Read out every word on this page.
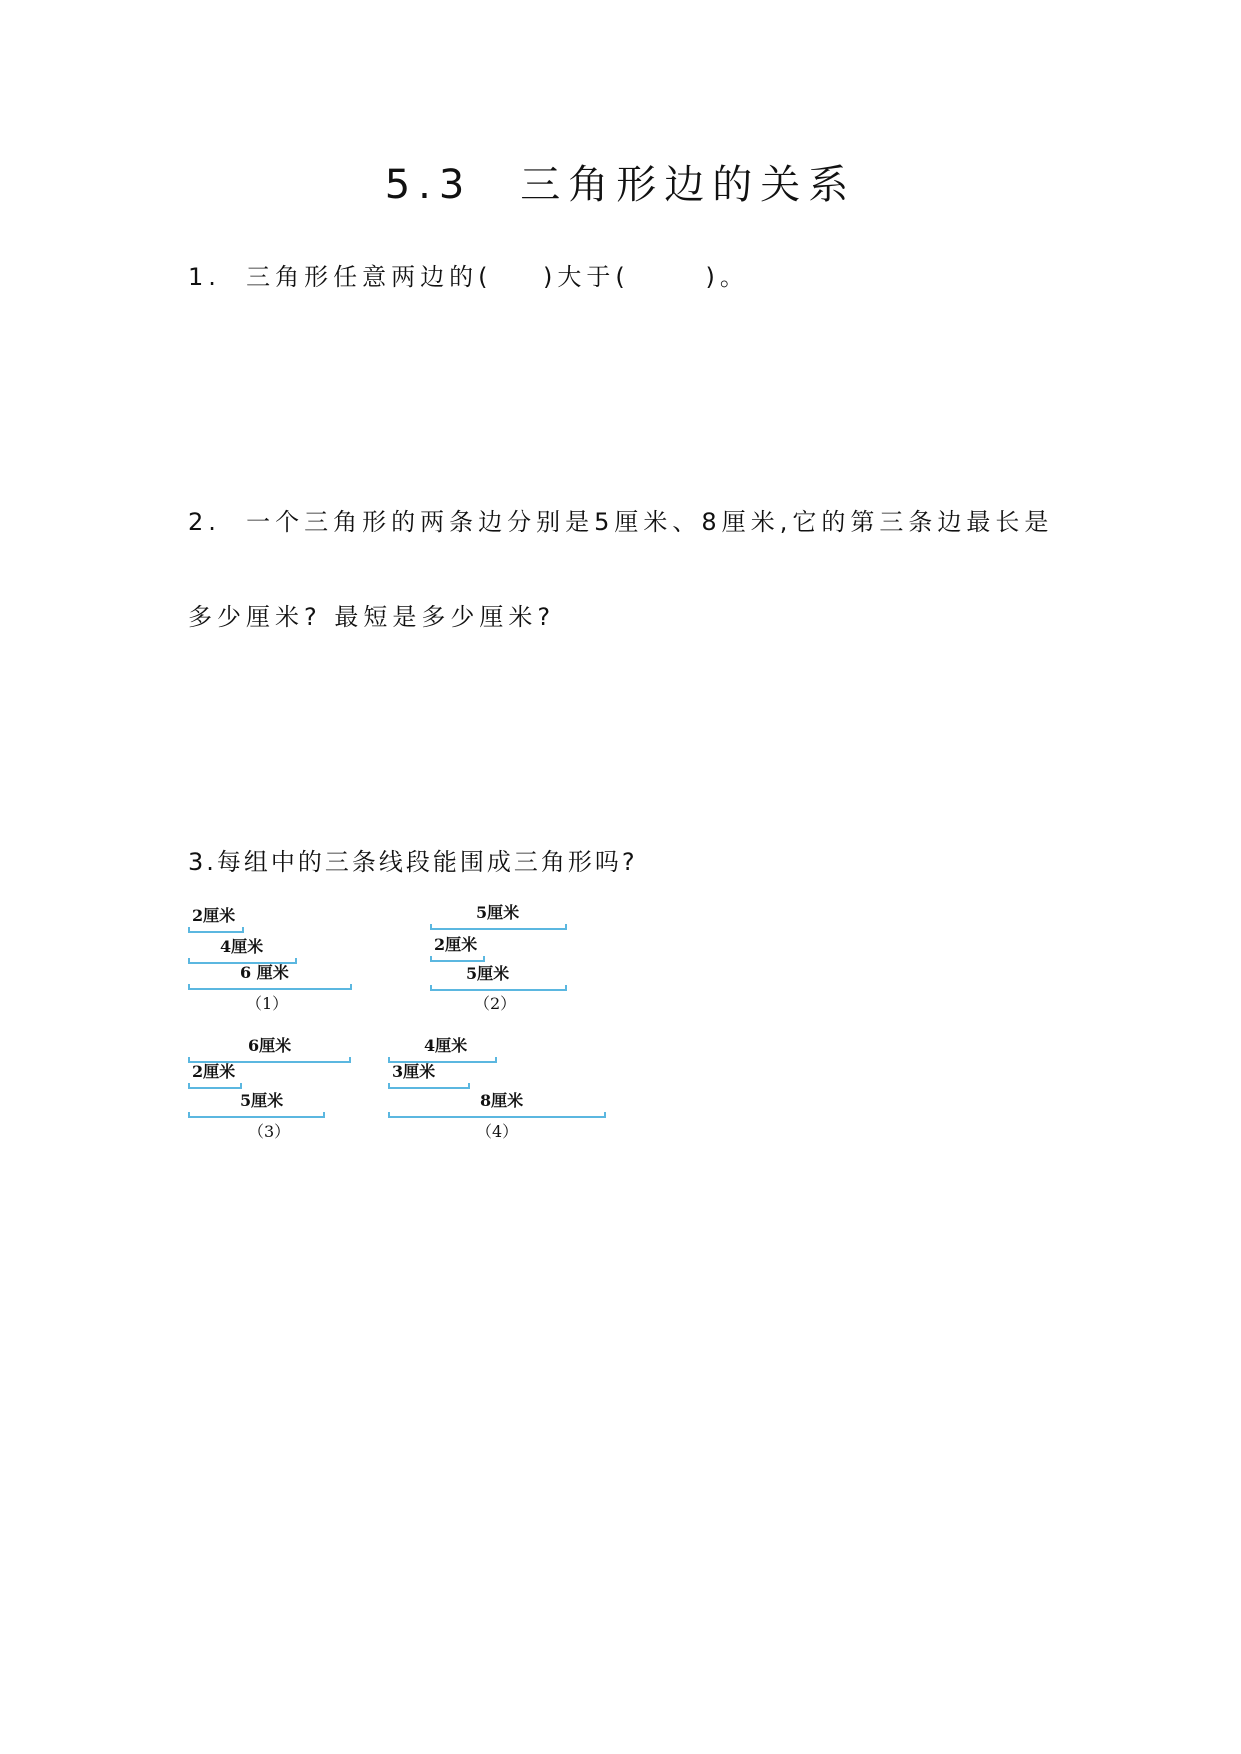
5.3　三角形边的关系
1.  三角形任意两边的(    )大于(      )。
2.  一个三角形的两条边分别是5厘米、8厘米,它的第三条边最长是
多少厘米? 最短是多少厘米?
3.每组中的三条线段能围成三角形吗?
2厘米
4厘米
6 厘米
（1）
5厘米
2厘米
5厘米
（2）
6厘米
2厘米
5厘米
（3）
4厘米
3厘米
8厘米
（4）
